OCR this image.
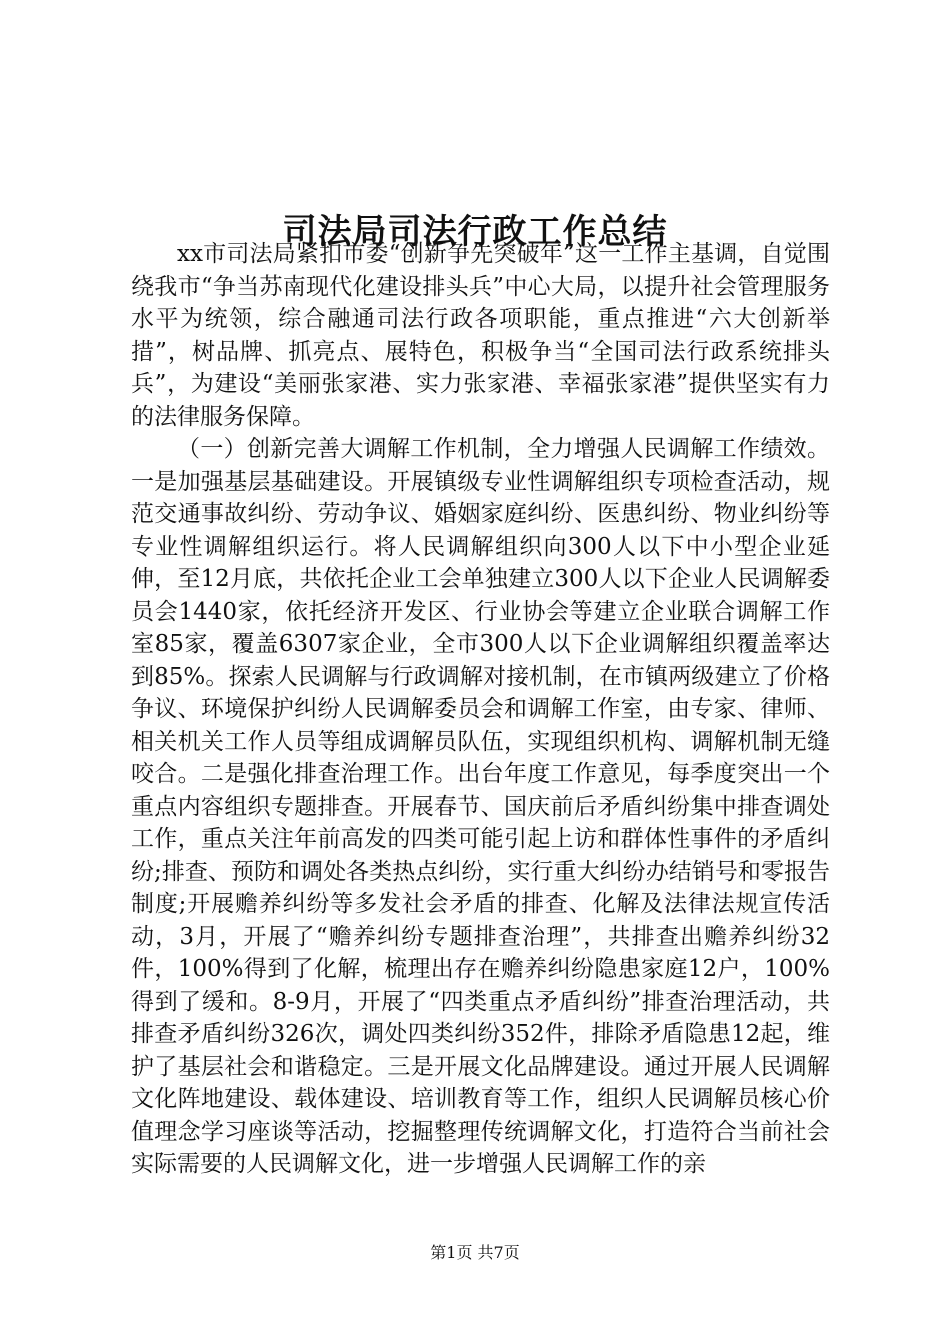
司法局司法行政工作总结

xx市司法局紧扣市委“创新争先突破年”这一工作主基调，自觉围绕我市“争当苏南现代化建设排头兵”中心大局，以提升社会管理服务水平为统领，综合融通司法行政各项职能，重点推进“六大创新举措”，树品牌、抓亮点、展特色，积极争当“全国司法行政系统排头兵”，为建设“美丽张家港、实力张家港、幸福张家港”提供坚实有力的法律服务保障。

（一）创新完善大调解工作机制，全力增强人民调解工作绩效。一是加强基层基础建设。开展镇级专业性调解组织专项检查活动，规范交通事故纠纷、劳动争议、婚姻家庭纠纷、医患纠纷、物业纠纷等专业性调解组织运行。将人民调解组织向300人以下中小型企业延伸，至12月底，共依托企业工会单独建立300人以下企业人民调解委员会1440家，依托经济开发区、行业协会等建立企业联合调解工作室85家，覆盖6307家企业，全市300人以下企业调解组织覆盖率达到85%。探索人民调解与行政调解对接机制，在市镇两级建立了价格争议、环境保护纠纷人民调解委员会和调解工作室，由专家、律师、相关机关工作人员等组成调解员队伍，实现组织机构、调解机制无缝咬合。二是强化排查治理工作。出台年度工作意见，每季度突出一个重点内容组织专题排查。开展春节、国庆前后矛盾纠纷集中排查调处工作，重点关注年前高发的四类可能引起上访和群体性事件的矛盾纠纷;排查、预防和调处各类热点纠纷，实行重大纠纷办结销号和零报告制度;开展赡养纠纷等多发社会矛盾的排查、化解及法律法规宣传活动，3月，开展了“赡养纠纷专题排查治理”，共排查出赡养纠纷32件，100%得到了化解，梳理出存在赡养纠纷隐患家庭12户，100%得到了缓和。8-9月，开展了“四类重点矛盾纠纷”排查治理活动，共排查矛盾纠纷326次，调处四类纠纷352件，排除矛盾隐患12起，维护了基层社会和谐稳定。三是开展文化品牌建设。通过开展人民调解文化阵地建设、载体建设、培训教育等工作，组织人民调解员核心价值理念学习座谈等活动，挖掘整理传统调解文化，打造符合当前社会实际需要的人民调解文化，进一步增强人民调解工作的亲

第1页 共7页
